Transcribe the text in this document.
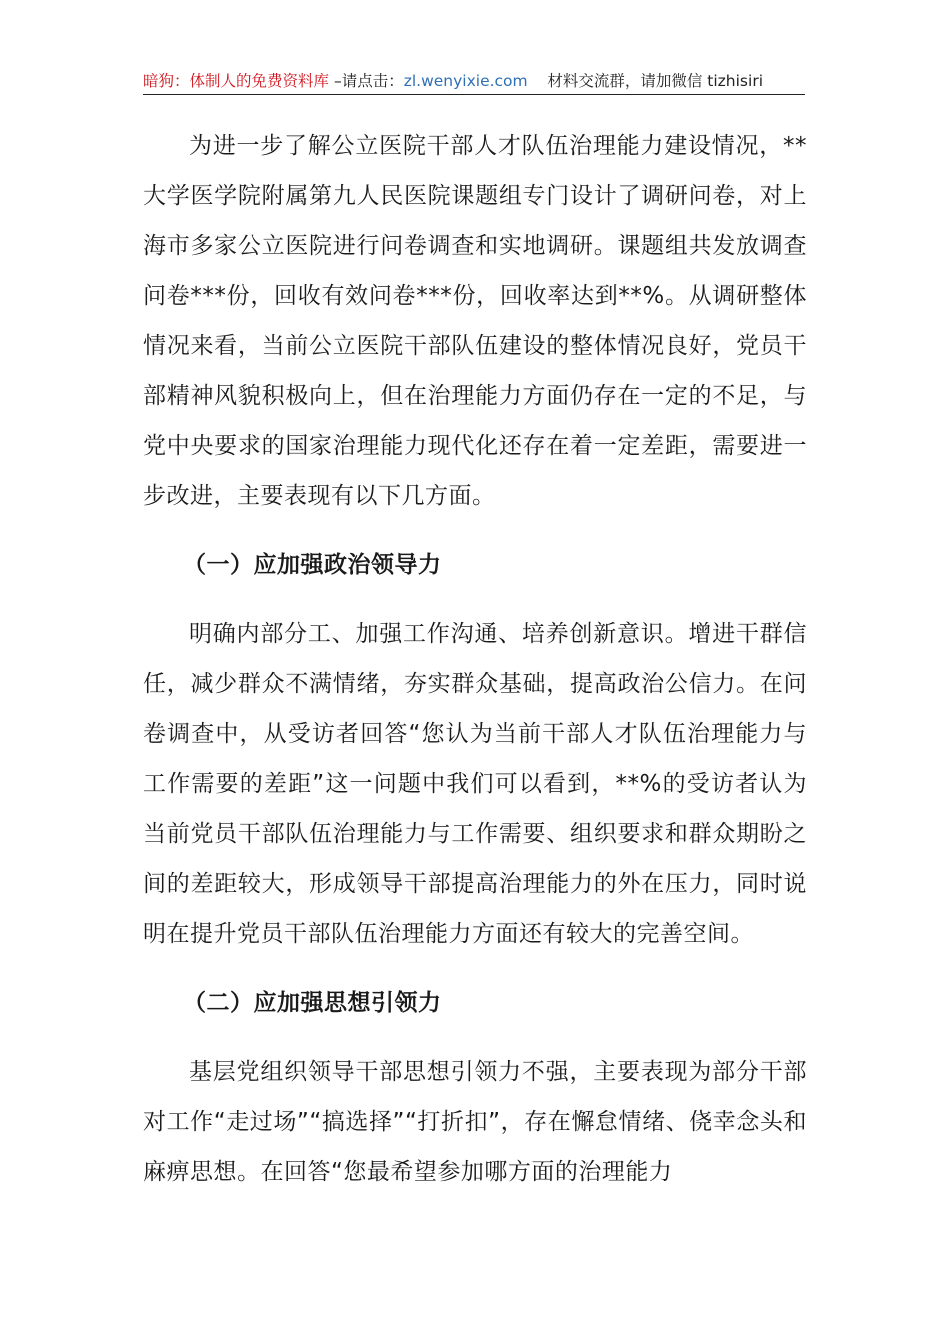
暗狗：体制人的免费资料库 –请点击：zl.wenyixie.com 材料交流群，请加微信 tizhisiri

为进一步了解公立医院干部人才队伍治理能力建设情况，**大学医学院附属第九人民医院课题组专门设计了调研问卷，对上海市多家公立医院进行问卷调查和实地调研。课题组共发放调查问卷***份，回收有效问卷***份，回收率达到**%。从调研整体情况来看，当前公立医院干部队伍建设的整体情况良好，党员干部精神风貌积极向上，但在治理能力方面仍存在一定的不足，与党中央要求的国家治理能力现代化还存在着一定差距，需要进一步改进，主要表现有以下几方面。

（一）应加强政治领导力

明确内部分工、加强工作沟通、培养创新意识。增进干群信任，减少群众不满情绪，夯实群众基础，提高政治公信力。在问卷调查中，从受访者回答“您认为当前干部人才队伍治理能力与工作需要的差距”这一问题中我们可以看到，**%的受访者认为当前党员干部队伍治理能力与工作需要、组织要求和群众期盼之间的差距较大，形成领导干部提高治理能力的外在压力，同时说明在提升党员干部队伍治理能力方面还有较大的完善空间。

（二）应加强思想引领力

基层党组织领导干部思想引领力不强，主要表现为部分干部对工作“走过场”“搞选择”“打折扣”，存在懈怠情绪、侥幸念头和麻痹思想。在回答“您最希望参加哪方面的治理能力
